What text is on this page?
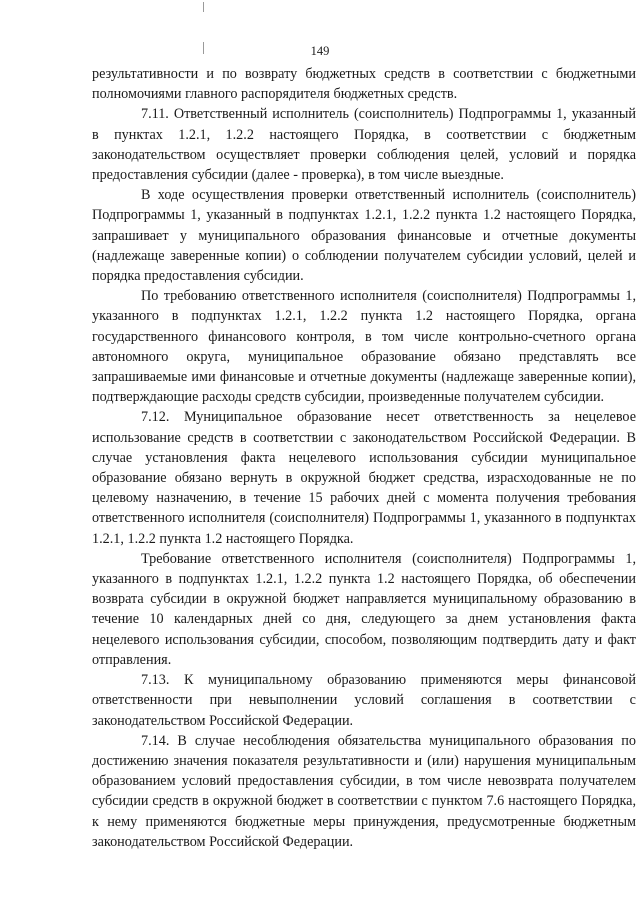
149

результативности и по возврату бюджетных средств в соответствии с бюджетными полномочиями главного распорядителя бюджетных средств.

7.11. Ответственный исполнитель (соисполнитель) Подпрограммы 1, указанный в пунктах 1.2.1, 1.2.2 настоящего Порядка, в соответствии с бюджетным законодательством осуществляет проверки соблюдения целей, условий и порядка предоставления субсидии (далее - проверка), в том числе выездные.

В ходе осуществления проверки ответственный исполнитель (соисполнитель) Подпрограммы 1, указанный в подпунктах 1.2.1, 1.2.2 пункта 1.2 настоящего Порядка, запрашивает у муниципального образования финансовые и отчетные документы (надлежаще заверенные копии) о соблюдении получателем субсидии условий, целей и порядка предоставления субсидии.

По требованию ответственного исполнителя (соисполнителя) Подпрограммы 1, указанного в подпунктах 1.2.1, 1.2.2 пункта 1.2 настоящего Порядка, органа государственного финансового контроля, в том числе контрольно-счетного органа автономного округа, муниципальное образование обязано представлять все запрашиваемые ими финансовые и отчетные документы (надлежаще заверенные копии), подтверждающие расходы средств субсидии, произведенные получателем субсидии.

7.12. Муниципальное образование несет ответственность за нецелевое использование средств в соответствии с законодательством Российской Федерации. В случае установления факта нецелевого использования субсидии муниципальное образование обязано вернуть в окружной бюджет средства, израсходованные не по целевому назначению, в течение 15 рабочих дней с момента получения требования ответственного исполнителя (соисполнителя) Подпрограммы 1, указанного в подпунктах 1.2.1, 1.2.2 пункта 1.2 настоящего Порядка.

Требование ответственного исполнителя (соисполнителя) Подпрограммы 1, указанного в подпунктах 1.2.1, 1.2.2 пункта 1.2 настоящего Порядка, об обеспечении возврата субсидии в окружной бюджет направляется муниципальному образованию в течение 10 календарных дней со дня, следующего за днем установления факта нецелевого использования субсидии, способом, позволяющим подтвердить дату и факт отправления.

7.13. К муниципальному образованию применяются меры финансовой ответственности при невыполнении условий соглашения в соответствии с законодательством Российской Федерации.

7.14. В случае несоблюдения обязательства муниципального образования по достижению значения показателя результативности и (или) нарушения муниципальным образованием условий предоставления субсидии, в том числе невозврата получателем субсидии средств в окружной бюджет в соответствии с пунктом 7.6 настоящего Порядка, к нему применяются бюджетные меры принуждения, предусмотренные бюджетным законодательством Российской Федерации.
